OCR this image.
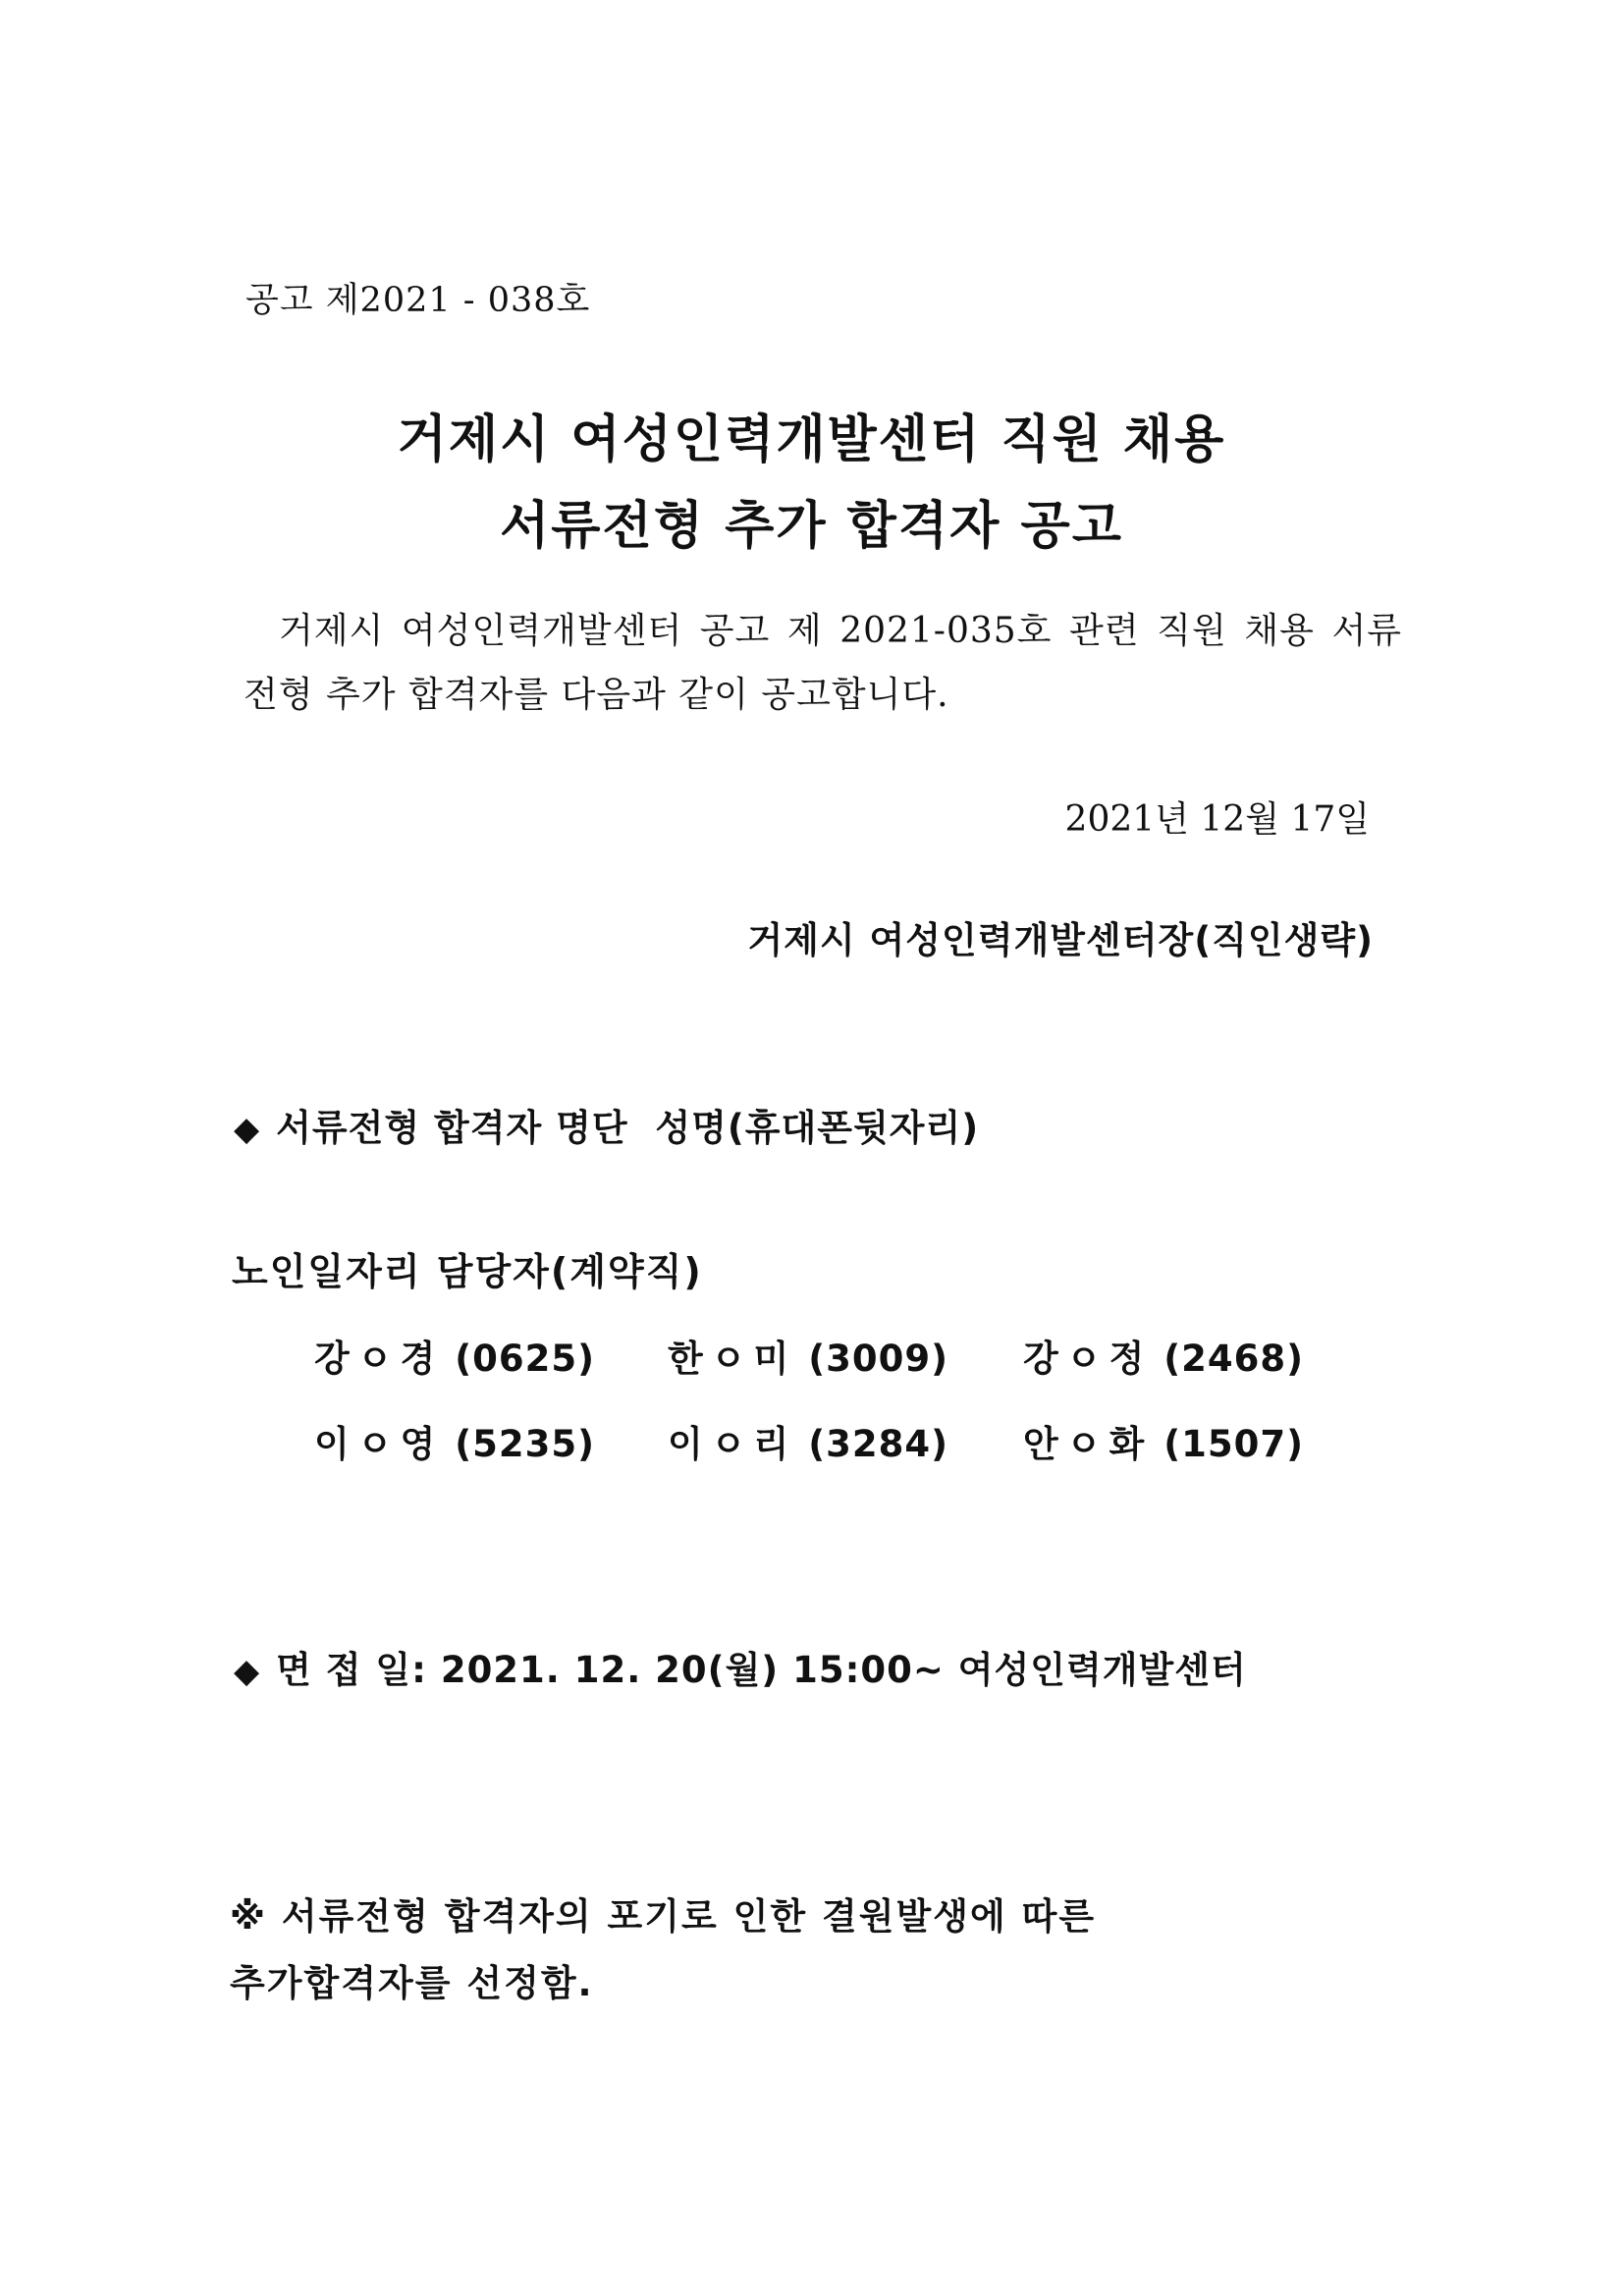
공고 제2021 - 038호
거제시 여성인력개발센터 직원 채용
서류전형 추가 합격자 공고
거제시 여성인력개발센터 공고 제 2021-035호 관련 직원 채용 서류 전형 추가 합격자를 다음과 같이 공고합니다.
2021년 12월 17일
거제시 여성인력개발센터장(직인생략)
◆ 서류전형 합격자 명단  성명(휴대폰뒷자리)
노인일자리 담당자(계약직)
강ㅇ경 (0625) 한ㅇ미 (3009) 강ㅇ정 (2468)
이ㅇ영 (5235) 이ㅇ리 (3284) 안ㅇ화 (1507)
◆ 면 접 일: 2021. 12. 20(월) 15:00~ 여성인력개발센터
※ 서류전형 합격자의 포기로 인한 결원발생에 따른
추가합격자를 선정함.
